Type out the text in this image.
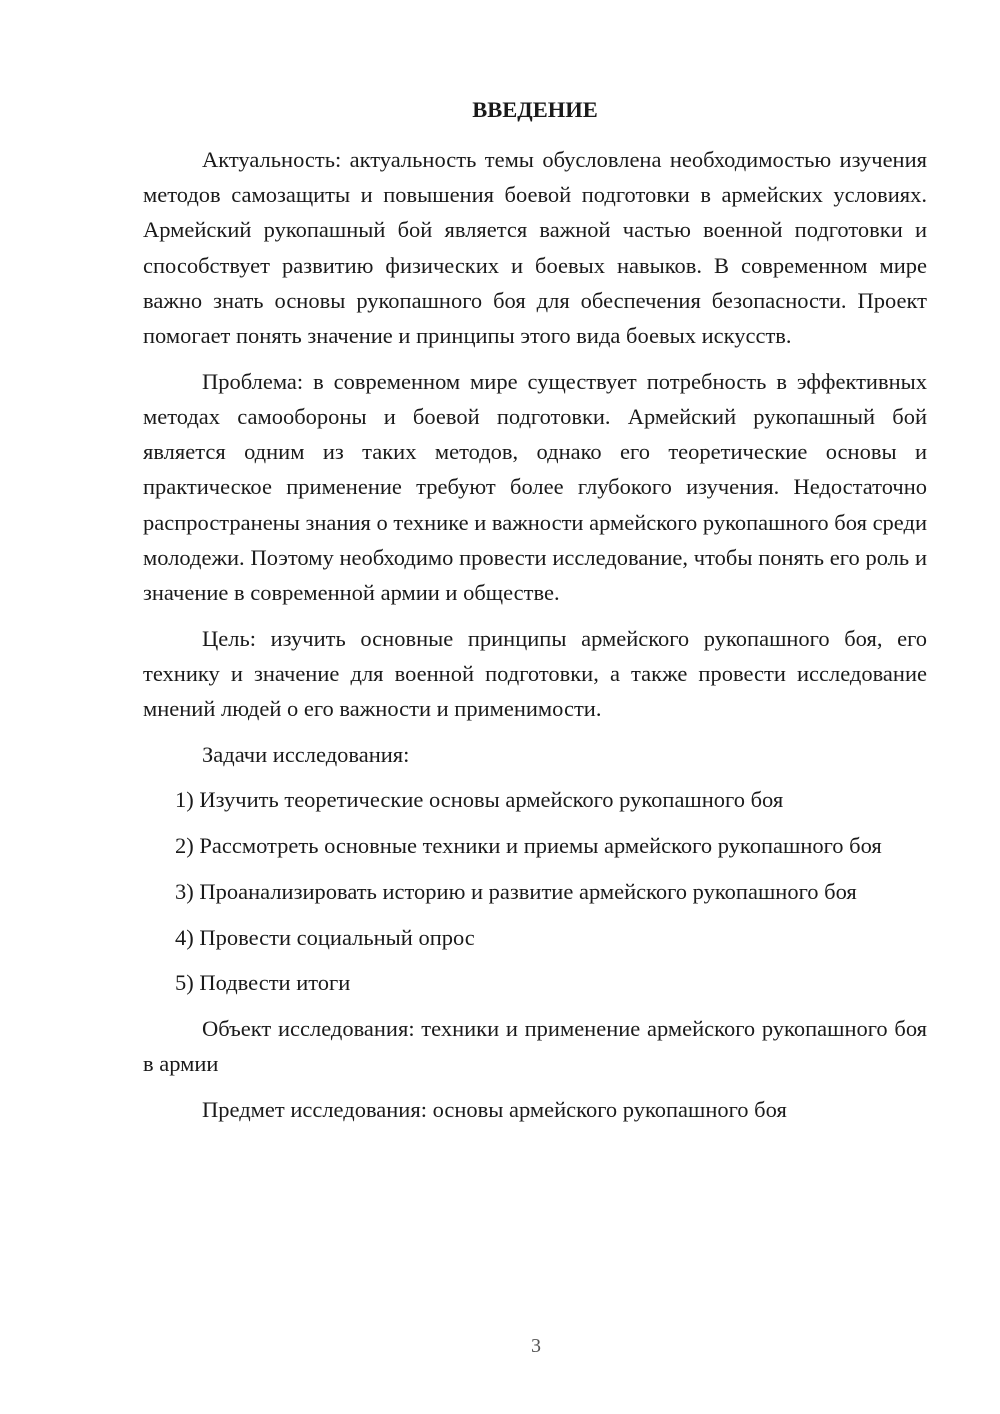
ВВЕДЕНИЕ

Актуальность: актуальность темы обусловлена необходимостью изучения методов самозащиты и повышения боевой подготовки в армейских условиях. Армейский рукопашный бой является важной частью военной подготовки и способствует развитию физических и боевых навыков. В современном мире важно знать основы рукопашного боя для обеспечения безопасности. Проект помогает понять значение и принципы этого вида боевых искусств.

Проблема: в современном мире существует потребность в эффективных методах самообороны и боевой подготовки. Армейский рукопашный бой является одним из таких методов, однако его теоретические основы и практическое применение требуют более глубокого изучения. Недостаточно распространены знания о технике и важности армейского рукопашного боя среди молодежи. Поэтому необходимо провести исследование, чтобы понять его роль и значение в современной армии и обществе.

Цель: изучить основные принципы армейского рукопашного боя, его технику и значение для военной подготовки, а также провести исследование мнений людей о его важности и применимости.

Задачи исследования:

1) Изучить теоретические основы армейского рукопашного боя

2) Рассмотреть основные техники и приемы армейского рукопашного боя

3) Проанализировать историю и развитие армейского рукопашного боя

4) Провести социальный опрос

5) Подвести итоги

Объект исследования: техники и применение армейского рукопашного боя в армии

Предмет исследования: основы армейского рукопашного боя

3
